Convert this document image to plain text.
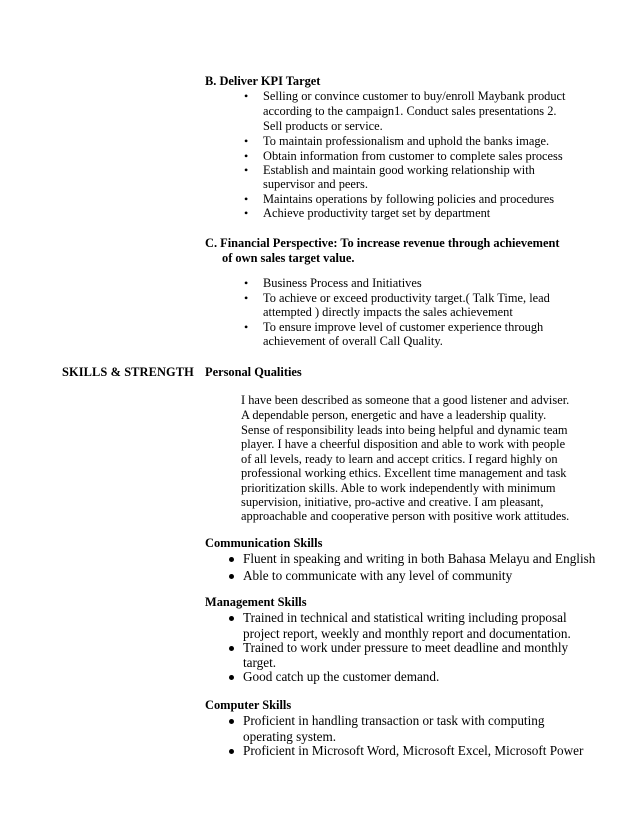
B. Deliver KPI Target
• Selling or convince customer to buy/enroll Maybank product
according to the campaign1. Conduct sales presentations 2.
Sell products or service.
• To maintain professionalism and uphold the banks image.
• Obtain information from customer to complete sales process
• Establish and maintain good working relationship with
supervisor and peers.
• Maintains operations by following policies and procedures
• Achieve productivity target set by department
C. Financial Perspective: To increase revenue through achievement
of own sales target value.
• Business Process and Initiatives
• To achieve or exceed productivity target.( Talk Time, lead
attempted ) directly impacts the sales achievement
• To ensure improve level of customer experience through
achievement of overall Call Quality.
SKILLS & STRENGTH Personal Qualities
I have been described as someone that a good listener and adviser.
A dependable person, energetic and have a leadership quality.
Sense of responsibility leads into being helpful and dynamic team
player. I have a cheerful disposition and able to work with people
of all levels, ready to learn and accept critics. I regard highly on
professional working ethics. Excellent time management and task
prioritization skills. Able to work independently with minimum
supervision, initiative, pro-active and creative. I am pleasant,
approachable and cooperative person with positive work attitudes.
Communication Skills
Fluent in speaking and writing in both Bahasa Melayu and English
Able to communicate with any level of community
Management Skills
Trained in technical and statistical writing including proposal
project report, weekly and monthly report and documentation.
Trained to work under pressure to meet deadline and monthly
target.
Good catch up the customer demand.
Computer Skills
Proficient in handling transaction or task with computing
operating system.
Proficient in Microsoft Word, Microsoft Excel, Microsoft Power
